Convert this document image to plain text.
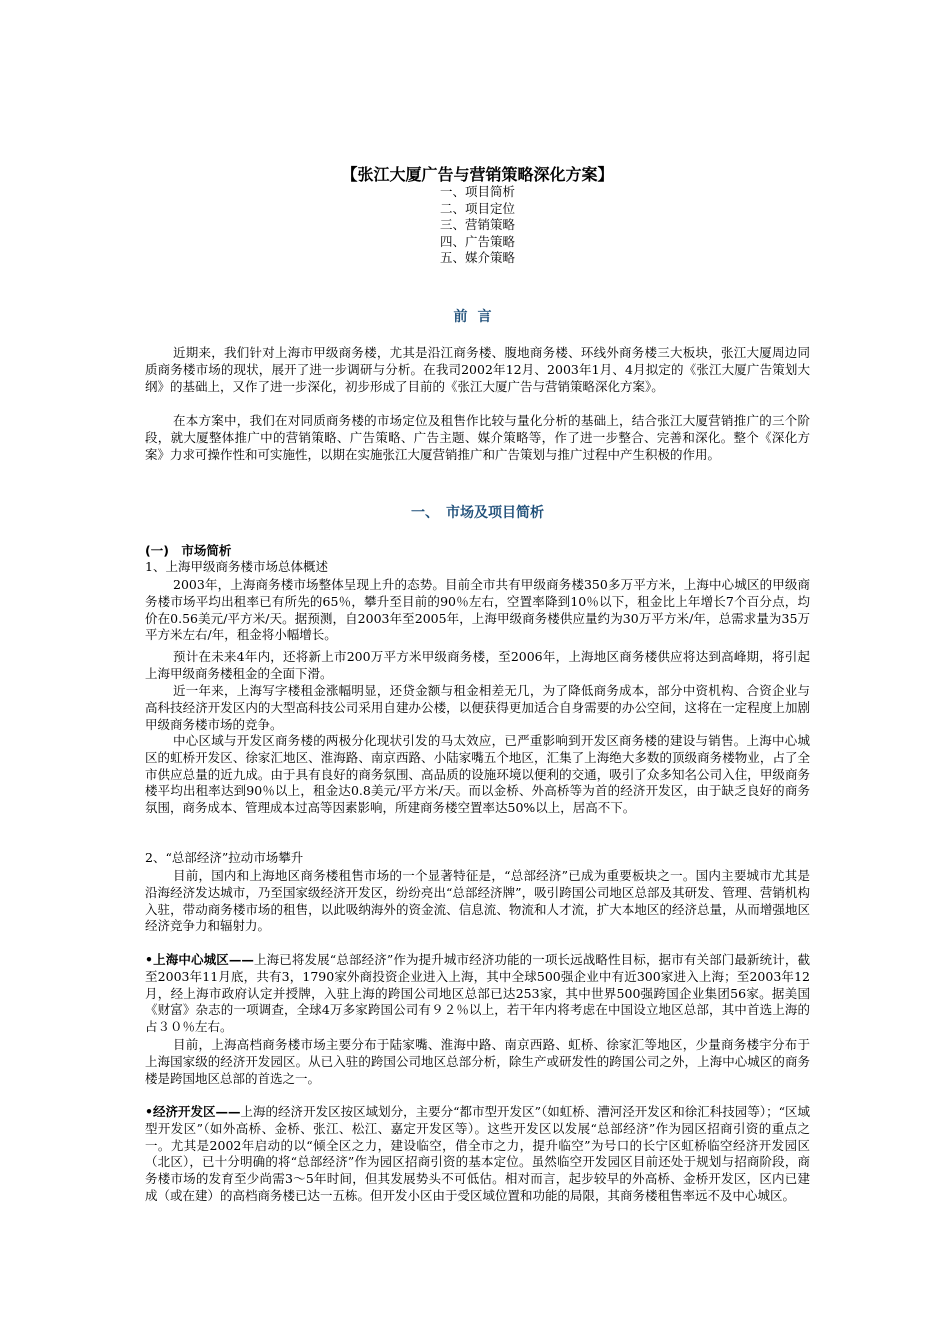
【张江大厦广告与营销策略深化方案】
一、项目简析
二、项目定位
三、营销策略
四、广告策略
五、媒介策略
前言

近期来，我们针对上海市甲级商务楼，尤其是沿江商务楼、腹地商务楼、环线外商务楼三大板块，张江大厦周边同质商务楼市场的现状，展开了进一步调研与分析。在我司2002年12月、2003年1月、4月拟定的《张江大厦广告策划大纲》的基础上，又作了进一步深化，初步形成了目前的《张江大厦广告与营销策略深化方案》。

在本方案中，我们在对同质商务楼的市场定位及租售作比较与量化分析的基础上，结合张江大厦营销推广的三个阶段，就大厦整体推广中的营销策略、广告策略、广告主题、媒介策略等，作了进一步整合、完善和深化。整个《深化方案》力求可操作性和可实施性，以期在实施张江大厦营销推广和广告策划与推广过程中产生积极的作用。

一、　市场及项目简析
(一)　市场简析
1、上海甲级商务楼市场总体概述

2003年，上海商务楼市场整体呈现上升的态势。目前全市共有甲级商务楼350多万平方米，上海中心城区的甲级商务楼市场平均出租率已有所先的65％，攀升至目前的90％左右，空置率降到10％以下，租金比上年增长7个百分点，均价在0.56美元/平方米/天。据预测，自2003年至2005年，上海甲级商务楼供应量约为30万平方米/年，总需求量为35万平方米左右/年，租金将小幅增长。

预计在未来4年内，还将新上市200万平方米甲级商务楼，至2006年，上海地区商务楼供应将达到高峰期，将引起上海甲级商务楼租金的全面下滑。

近一年来，上海写字楼租金涨幅明显，还贷金额与租金相差无几，为了降低商务成本，部分中资机构、合资企业与高科技经济开发区内的大型高科技公司采用自建办公楼，以便获得更加适合自身需要的办公空间，这将在一定程度上加剧甲级商务楼市场的竞争。

中心区域与开发区商务楼的两极分化现状引发的马太效应，已严重影响到开发区商务楼的建设与销售。上海中心城区的虹桥开发区、徐家汇地区、淮海路、南京西路、小陆家嘴五个地区，汇集了上海绝大多数的顶级商务楼物业，占了全市供应总量的近九成。由于具有良好的商务氛围、高品质的设施环境以便利的交通，吸引了众多知名公司入住，甲级商务楼平均出租率达到90％以上，租金达0.8美元/平方米/天。而以金桥、外高桥等为首的经济开发区，由于缺乏良好的商务氛围，商务成本、管理成本过高等因素影响，所建商务楼空置率达50%以上，居高不下。

2、“总部经济”拉动市场攀升

目前，国内和上海地区商务楼租售市场的一个显著特征是，“总部经济”已成为重要板块之一。国内主要城市尤其是沿海经济发达城市，乃至国家级经济开发区，纷纷亮出“总部经济牌”，吸引跨国公司地区总部及其研发、管理、营销机构入驻，带动商务楼市场的租售，以此吸纳海外的资金流、信息流、物流和人才流，扩大本地区的经济总量，从而增强地区经济竞争力和辐射力。

•上海中心城区——上海已将发展“总部经济”作为提升城市经济功能的一项长远战略性目标，据市有关部门最新统计，截至2003年11月底，共有3，1790家外商投资企业进入上海，其中全球500强企业中有近300家进入上海；至2003年12月，经上海市政府认定并授牌，入驻上海的跨国公司地区总部已达253家，其中世界500强跨国企业集团56家。据美国《财富》杂志的一项调查，全球4万多家跨国公司有９２％以上，若干年内将考虑在中国设立地区总部，其中首选上海的占３０％左右。

目前，上海高档商务楼市场主要分布于陆家嘴、淮海中路、南京西路、虹桥、徐家汇等地区，少量商务楼宇分布于上海国家级的经济开发园区。从已入驻的跨国公司地区总部分析，除生产或研发性的跨国公司之外，上海中心城区的商务楼是跨国地区总部的首选之一。

•经济开发区——上海的经济开发区按区域划分，主要分“都市型开发区”（如虹桥、漕河泾开发区和徐汇科技园等）；“区域型开发区”（如外高桥、金桥、张江、松江、嘉定开发区等）。这些开发区以发展“总部经济”作为园区招商引资的重点之一。尤其是2002年启动的以“倾全区之力，建设临空，借全市之力，提升临空”为号口的长宁区虹桥临空经济开发园区（北区），已十分明确的将“总部经济”作为园区招商引资的基本定位。虽然临空开发园区目前还处于规划与招商阶段，商务楼市场的发育至少尚需3～5年时间，但其发展势头不可低估。相对而言，起步较早的外高桥、金桥开发区，区内已建成（或在建）的高档商务楼已达一五栋。但开发小区由于受区域位置和功能的局限，其商务楼租售率远不及中心城区。
